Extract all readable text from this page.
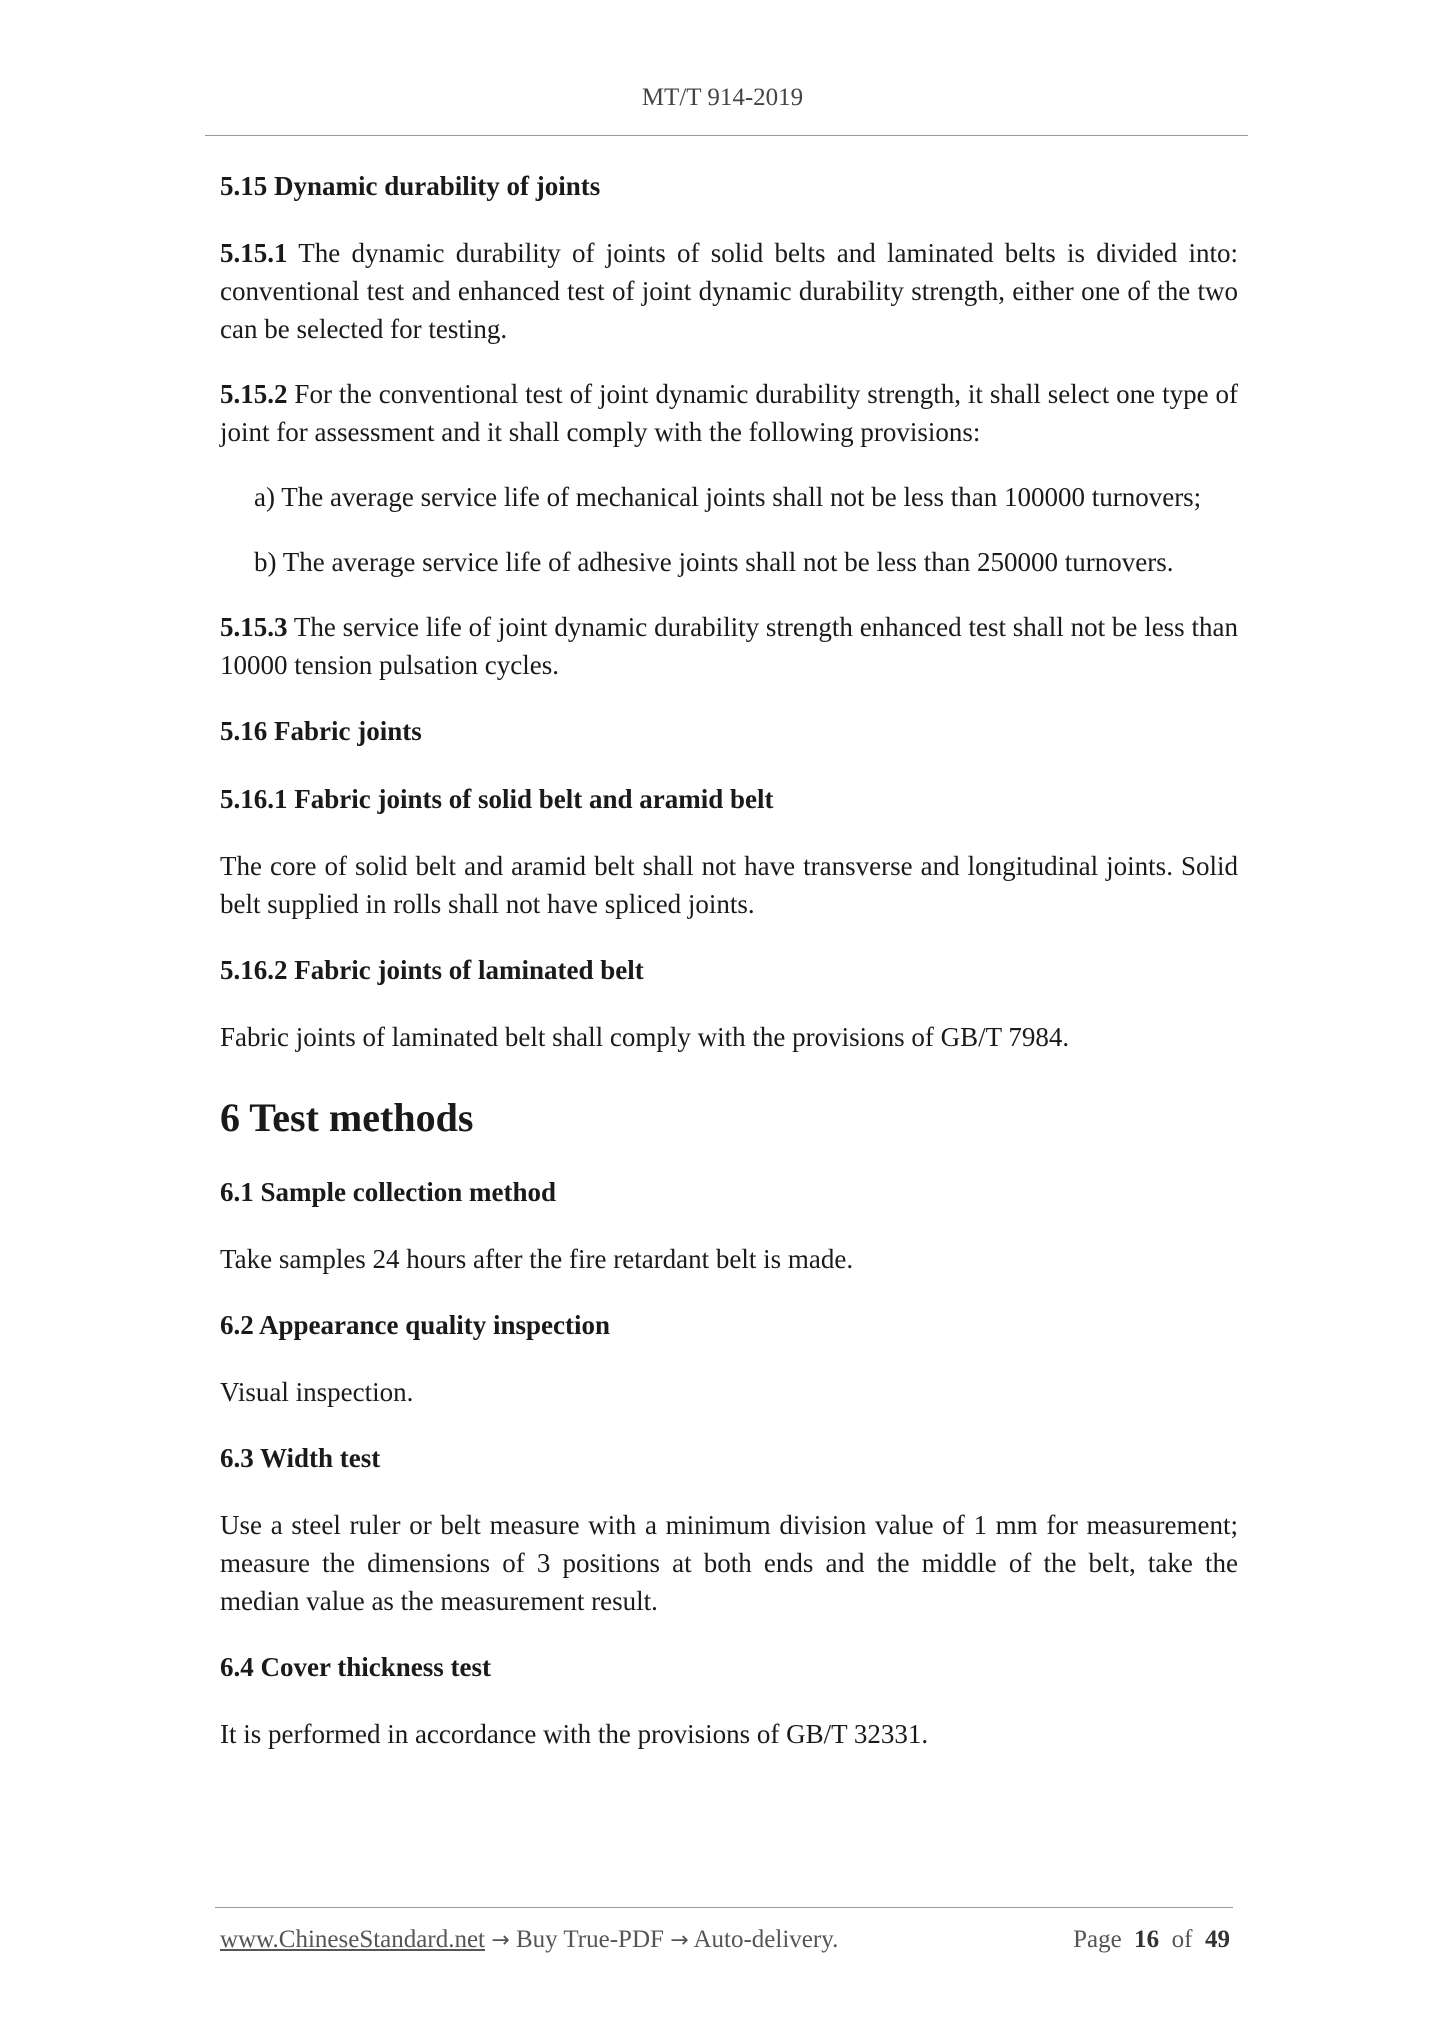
MT/T 914-2019
5.15 Dynamic durability of joints

5.15.1 The dynamic durability of joints of solid belts and laminated belts is divided into: conventional test and enhanced test of joint dynamic durability strength, either one of the two can be selected for testing.

5.15.2 For the conventional test of joint dynamic durability strength, it shall select one type of joint for assessment and it shall comply with the following provisions:

a) The average service life of mechanical joints shall not be less than 100000 turnovers;

b) The average service life of adhesive joints shall not be less than 250000 turnovers.

5.15.3 The service life of joint dynamic durability strength enhanced test shall not be less than 10000 tension pulsation cycles.

5.16 Fabric joints
5.16.1 Fabric joints of solid belt and aramid belt

The core of solid belt and aramid belt shall not have transverse and longitudinal joints. Solid belt supplied in rolls shall not have spliced joints.

5.16.2 Fabric joints of laminated belt

Fabric joints of laminated belt shall comply with the provisions of GB/T 7984.

6 Test methods
6.1 Sample collection method

Take samples 24 hours after the fire retardant belt is made.

6.2 Appearance quality inspection

Visual inspection.

6.3 Width test

Use a steel ruler or belt measure with a minimum division value of 1 mm for measurement; measure the dimensions of 3 positions at both ends and the middle of the belt, take the median value as the measurement result.

6.4 Cover thickness test

It is performed in accordance with the provisions of GB/T 32331.

www.ChineseStandard.net → Buy True-PDF → Auto-delivery.	Page 16 of 49
